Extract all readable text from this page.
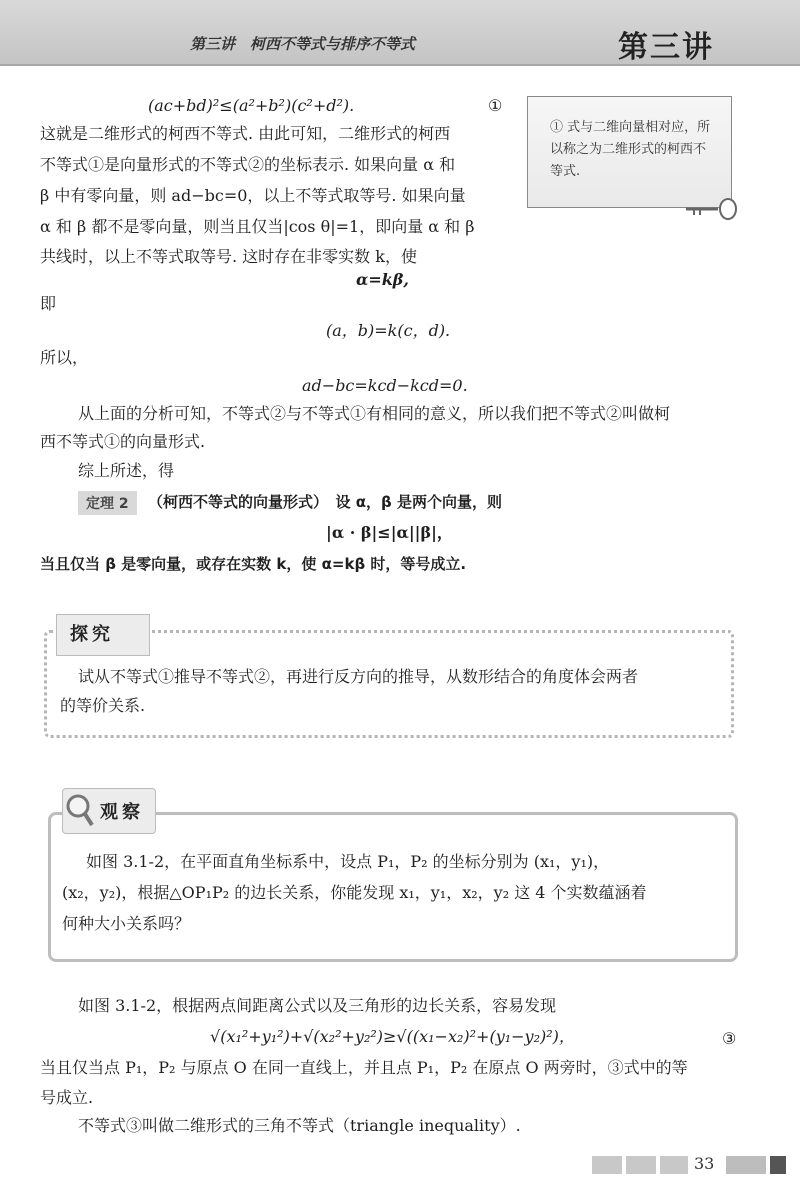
第三讲　柯西不等式与排序不等式	第三讲
(ac+bd)²≤(a²+b²)(c²+d²).	①
这就是二维形式的柯西不等式. 由此可知，二维形式的柯西
不等式①是向量形式的不等式②的坐标表示. 如果向量 α 和
β 中有零向量，则 ad−bc=0，以上不等式取等号. 如果向量
α 和 β 都不是零向量，则当且仅当|cos θ|=1，即向量 α 和 β
共线时，以上不等式取等号. 这时存在非零实数 k，使
① 式与二维向量相对应，所以称之为二维形式的柯西不等式.
α=kβ,
即
(a，b)=k(c，d).
所以，
ad−bc=kcd−kcd=0.
从上面的分析可知，不等式②与不等式①有相同的意义，所以我们把不等式②叫做柯
西不等式①的向量形式.
综上所述，得
定理 2	（柯西不等式的向量形式）　设 α，β 是两个向量，则
|α · β|≤|α||β|，
当且仅当 β 是零向量，或存在实数 k，使 α=kβ 时，等号成立.
探究
试从不等式①推导不等式②，再进行反方向的推导，从数形结合的角度体会两者
的等价关系.
观察
如图 3.1-2，在平面直角坐标系中，设点 P₁，P₂ 的坐标分别为 (x₁，y₁)，
(x₂，y₂)，根据△OP₁P₂ 的边长关系，你能发现 x₁，y₁，x₂，y₂ 这 4 个实数蕴涵着
何种大小关系吗？
如图 3.1-2，根据两点间距离公式以及三角形的边长关系，容易发现
√(x₁²+y₁²)+√(x₂²+y₂²)≥√((x₁−x₂)²+(y₁−y₂)²)，	③
当且仅当点 P₁，P₂ 与原点 O 在同一直线上，并且点 P₁，P₂ 在原点 O 两旁时，③式中的等
号成立.
不等式③叫做二维形式的三角不等式（triangle inequality）.
33
